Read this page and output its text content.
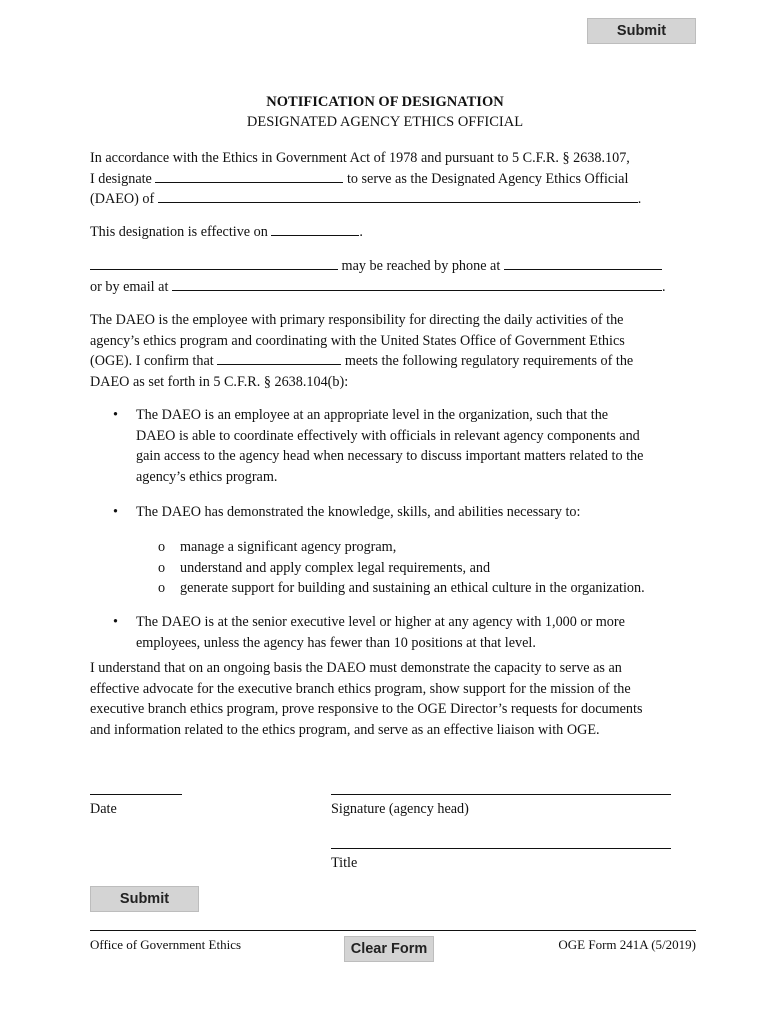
Submit
NOTIFICATION OF DESIGNATION
DESIGNATED AGENCY ETHICS OFFICIAL
In accordance with the Ethics in Government Act of 1978 and pursuant to 5 C.F.R. § 2638.107,
I designate	to serve as the Designated Agency Ethics Official
(DAEO) of	.
This designation is effective on	.
may be reached by phone at
or by email at	.
The DAEO is the employee with primary responsibility for directing the daily activities of the
agency’s ethics program and coordinating with the United States Office of Government Ethics
(OGE). I confirm that	meets the following regulatory requirements of the
DAEO as set forth in 5 C.F.R. § 2638.104(b):
• The DAEO is an employee at an appropriate level in the organization, such that the
DAEO is able to coordinate effectively with officials in relevant agency components and
gain access to the agency head when necessary to discuss important matters related to the
agency’s ethics program.
• The DAEO has demonstrated the knowledge, skills, and abilities necessary to:
o manage a significant agency program,
o understand and apply complex legal requirements, and
o generate support for building and sustaining an ethical culture in the organization.
• The DAEO is at the senior executive level or higher at any agency with 1,000 or more
employees, unless the agency has fewer than 10 positions at that level.
I understand that on an ongoing basis the DAEO must demonstrate the capacity to serve as an
effective advocate for the executive branch ethics program, show support for the mission of the
executive branch ethics program, prove responsive to the OGE Director’s requests for documents
and information related to the ethics program, and serve as an effective liaison with OGE.
Date	Signature (agency head)
Title
Submit
Office of Government Ethics	Clear Form	OGE Form 241A (5/2019)
